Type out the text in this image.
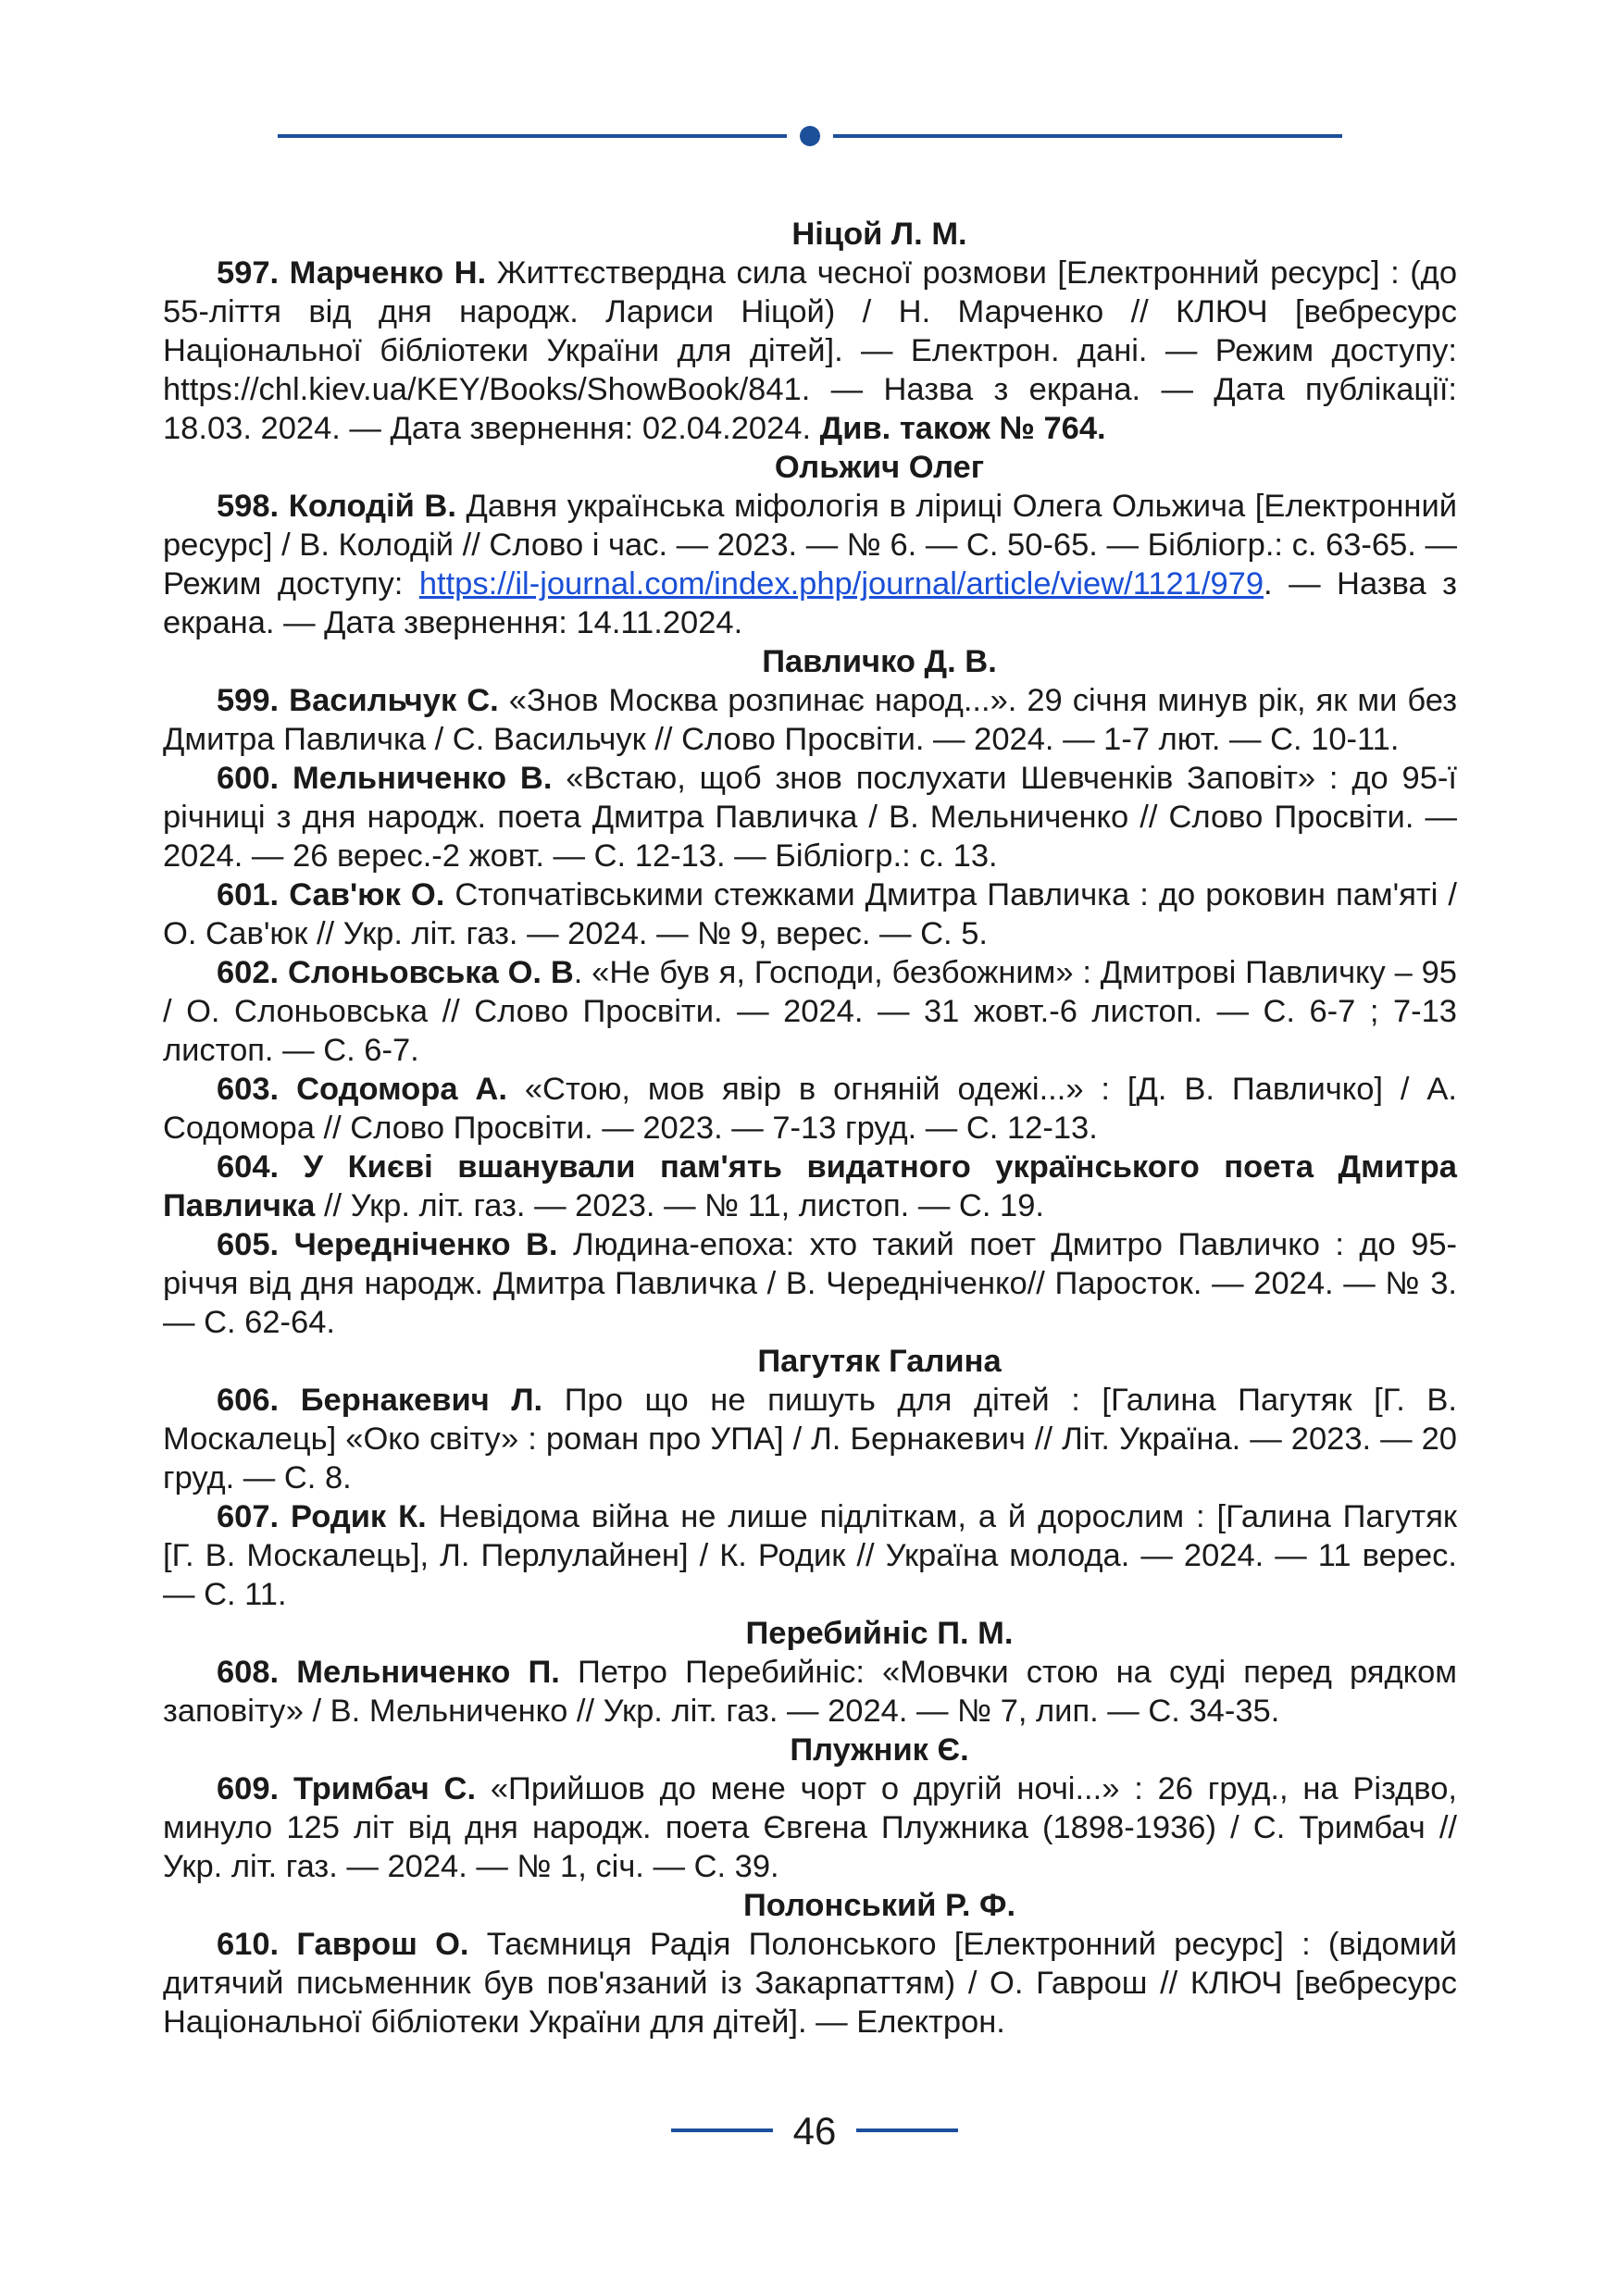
Ніцой Л. М.

597. Марченко Н. Життєствердна сила чесної розмови [Електронний ресурс] : (до 55-ліття від дня народж. Лариси Ніцой) / Н. Марченко // КЛЮЧ [вебресурс Національної бібліотеки України для дітей]. — Електрон. дані. — Режим доступу: https://chl.kiev.ua/KEY/Books/ShowBook/841. — Назва з екрана. — Дата публікації: 18.03. 2024. — Дата звернення: 02.04.2024. Див. також № 764.

Ольжич Олег

598. Колодій В. Давня українська міфологія в ліриці Олега Ольжича [Електронний ресурс] / В. Колодій // Слово і час. — 2023. — № 6. — С. 50-65. — Бібліогр.: с. 63-65. — Режим доступу: https://il-journal.com/index.php/journal/article/view/1121/979. — Назва з екрана. — Дата звернення: 14.11.2024.

Павличко Д. В.

599. Васильчук С. «Знов Москва розпинає народ...». 29 січня минув рік, як ми без Дмитра Павличка / С. Васильчук // Слово Просвіти. — 2024. — 1-7 лют. — С. 10-11.

600. Мельниченко В. «Встаю, щоб знов послухати Шевченків Заповіт» : до 95-ї річниці з дня народж. поета Дмитра Павличка / В. Мельниченко // Слово Просвіти. — 2024. — 26 верес.-2 жовт. — С. 12-13. — Бібліогр.: с. 13.

601. Сав'юк О. Стопчатівськими стежками Дмитра Павличка : до роковин пам'яті / О. Сав'юк // Укр. літ. газ. — 2024. — № 9, верес. — С. 5.

602. Слоньовська О. В. «Не був я, Господи, безбожним» : Дмитрові Павличку – 95 / О. Слоньовська // Слово Просвіти. — 2024. — 31 жовт.-6 листоп. — С. 6-7 ; 7-13 листоп. — С. 6-7.

603. Содомора А. «Стою, мов явір в огняній одежі...» : [Д. В. Павличко] / А. Содомора // Слово Просвіти. — 2023. — 7-13 груд. — С. 12-13.

604. У Києві вшанували пам'ять видатного українського поета Дмитра Павличка // Укр. літ. газ. — 2023. — № 11, листоп. — С. 19.

605. Чередніченко В. Людина-епоха: хто такий поет Дмитро Павличко : до 95-річчя від дня народж. Дмитра Павличка / В. Чередніченко// Паросток. — 2024. — № 3. — С. 62-64.

Пагутяк Галина

606. Бернакевич Л. Про що не пишуть для дітей : [Галина Пагутяк [Г. В. Москалець] «Око світу» : роман про УПА] / Л. Бернакевич // Літ. Україна. — 2023. — 20 груд. — С. 8.

607. Родик К. Невідома війна не лише підліткам, а й дорослим : [Галина Пагутяк [Г. В. Москалець], Л. Перлулайнен] / К. Родик // Україна молода. — 2024. — 11 верес. — С. 11.

Перебийніс П. М.

608. Мельниченко П. Петро Перебийніс: «Мовчки стою на суді перед рядком заповіту» / В. Мельниченко // Укр. літ. газ. — 2024. — № 7, лип. — С. 34-35.

Плужник Є.

609. Тримбач С. «Прийшов до мене чорт о другій ночі...» : 26 груд., на Різдво, минуло 125 літ від дня народж. поета Євгена Плужника (1898-1936) / С. Тримбач // Укр. літ. газ. — 2024. — № 1, січ. — С. 39.

Полонський Р. Ф.

610. Гаврош О. Таємниця Радія Полонського [Електронний ресурс] : (відомий дитячий письменник був пов'язаний із Закарпаттям) / О. Гаврош // КЛЮЧ [вебресурс Національної бібліотеки України для дітей]. — Електрон.

46
